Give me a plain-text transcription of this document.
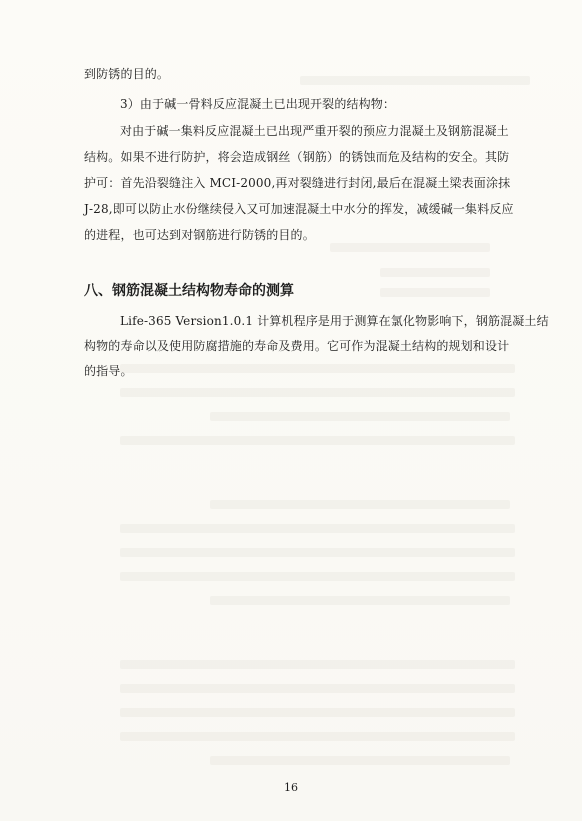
到防锈的目的。
3）由于碱一骨料反应混凝土已出现开裂的结构物：
对由于碱一集料反应混凝土已出现严重开裂的预应力混凝土及钢筋混凝土
结构。如果不进行防护，将会造成钢丝（钢筋）的锈蚀而危及结构的安全。其防
护可：首先沿裂缝注入 MCI-2000,再对裂缝进行封闭,最后在混凝土梁表面涂抹
J-28,即可以防止水份继续侵入又可加速混凝土中水分的挥发，减缓碱一集料反应
的进程，也可达到对钢筋进行防锈的目的。
八、钢筋混凝土结构物寿命的测算
Life-365 Version1.0.1 计算机程序是用于测算在氯化物影响下，钢筋混凝土结
构物的寿命以及使用防腐措施的寿命及费用。它可作为混凝土结构的规划和设计
的指导。
16
